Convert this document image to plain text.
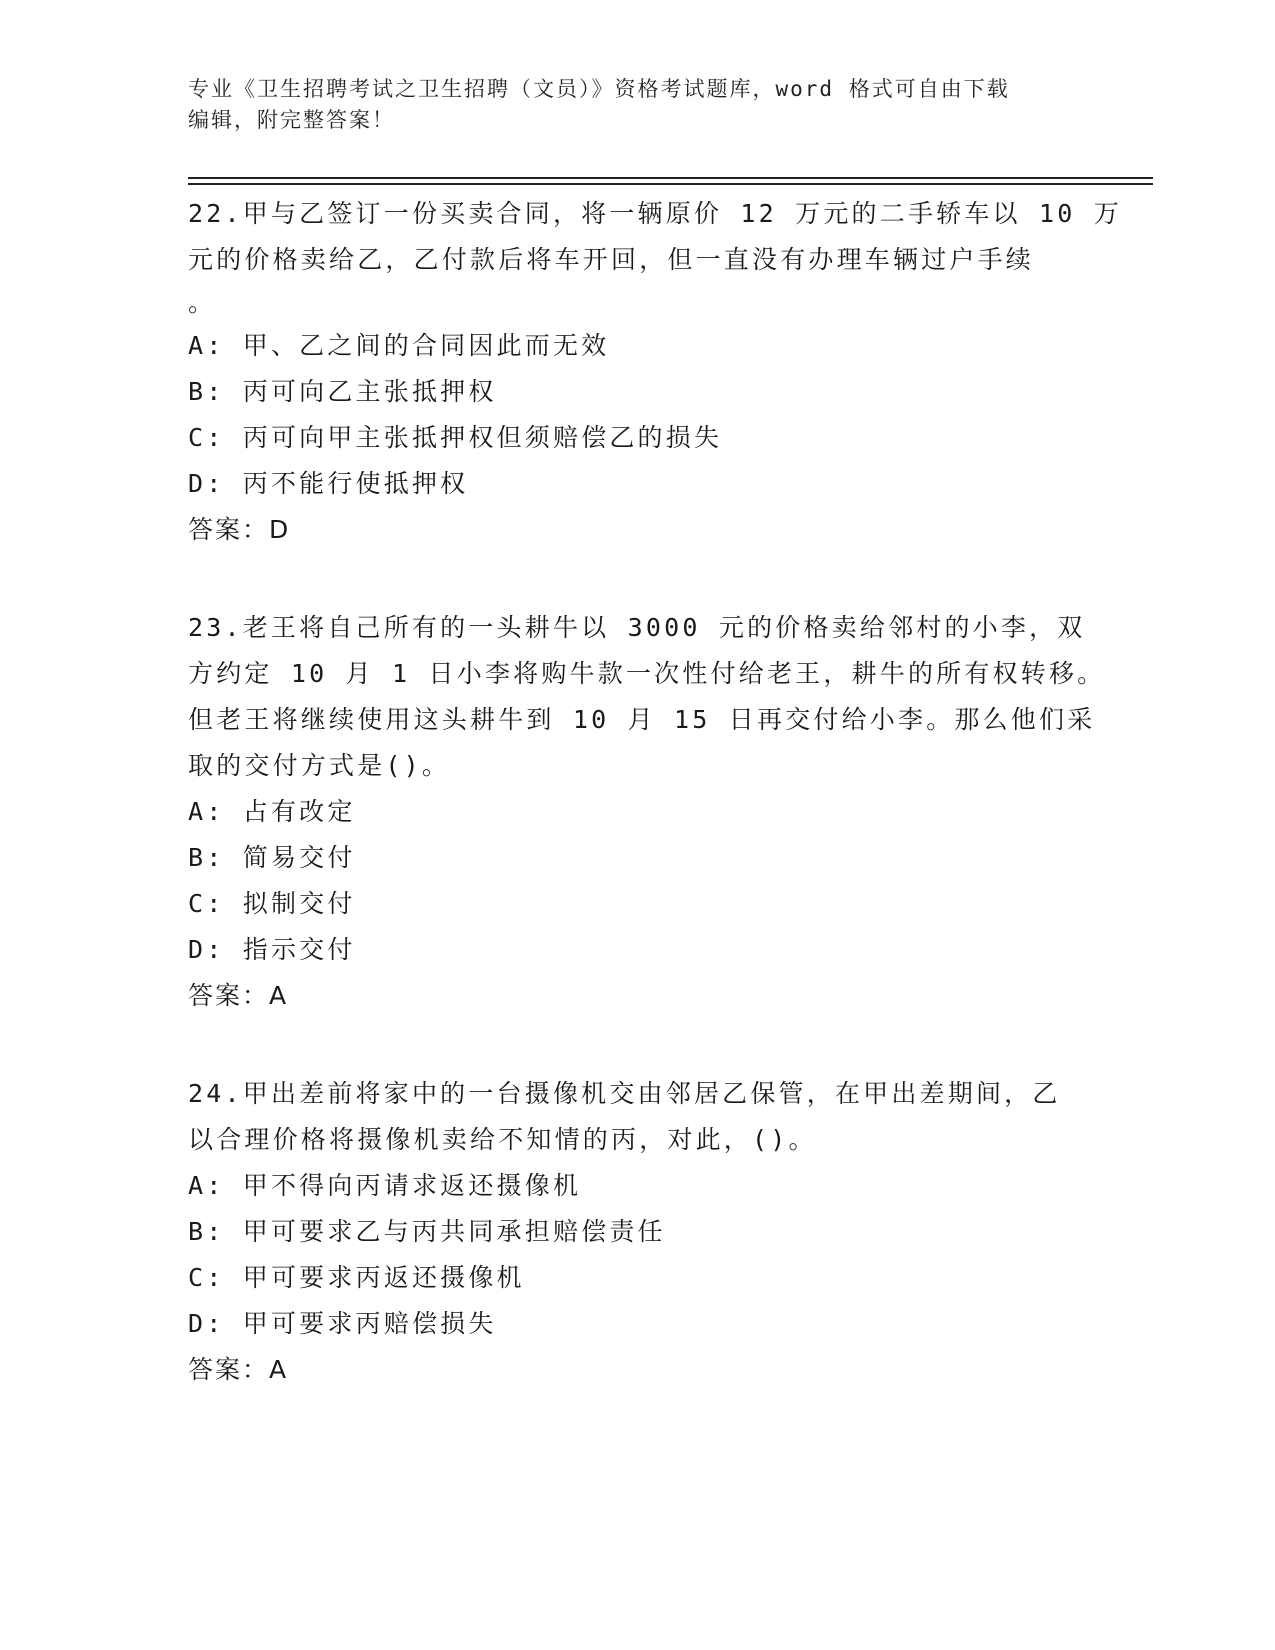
专业《卫生招聘考试之卫生招聘（文员）》资格考试题库，word 格式可自由下载
编辑，附完整答案！
22.甲与乙签订一份买卖合同，将一辆原价 12 万元的二手轿车以 10 万
元的价格卖给乙，乙付款后将车开回，但一直没有办理车辆过户手续
。
A: 甲、乙之间的合同因此而无效
B: 丙可向乙主张抵押权
C: 丙可向甲主张抵押权但须赔偿乙的损失
D: 丙不能行使抵押权
答案：D
23.老王将自己所有的一头耕牛以 3000 元的价格卖给邻村的小李，双
方约定 10 月 1 日小李将购牛款一次性付给老王，耕牛的所有权转移。
但老王将继续使用这头耕牛到 10 月 15 日再交付给小李。那么他们采
取的交付方式是()。
A: 占有改定
B: 简易交付
C: 拟制交付
D: 指示交付
答案：A
24.甲出差前将家中的一台摄像机交由邻居乙保管，在甲出差期间，乙
以合理价格将摄像机卖给不知情的丙，对此，()。
A: 甲不得向丙请求返还摄像机
B: 甲可要求乙与丙共同承担赔偿责任
C: 甲可要求丙返还摄像机
D: 甲可要求丙赔偿损失
答案：A
